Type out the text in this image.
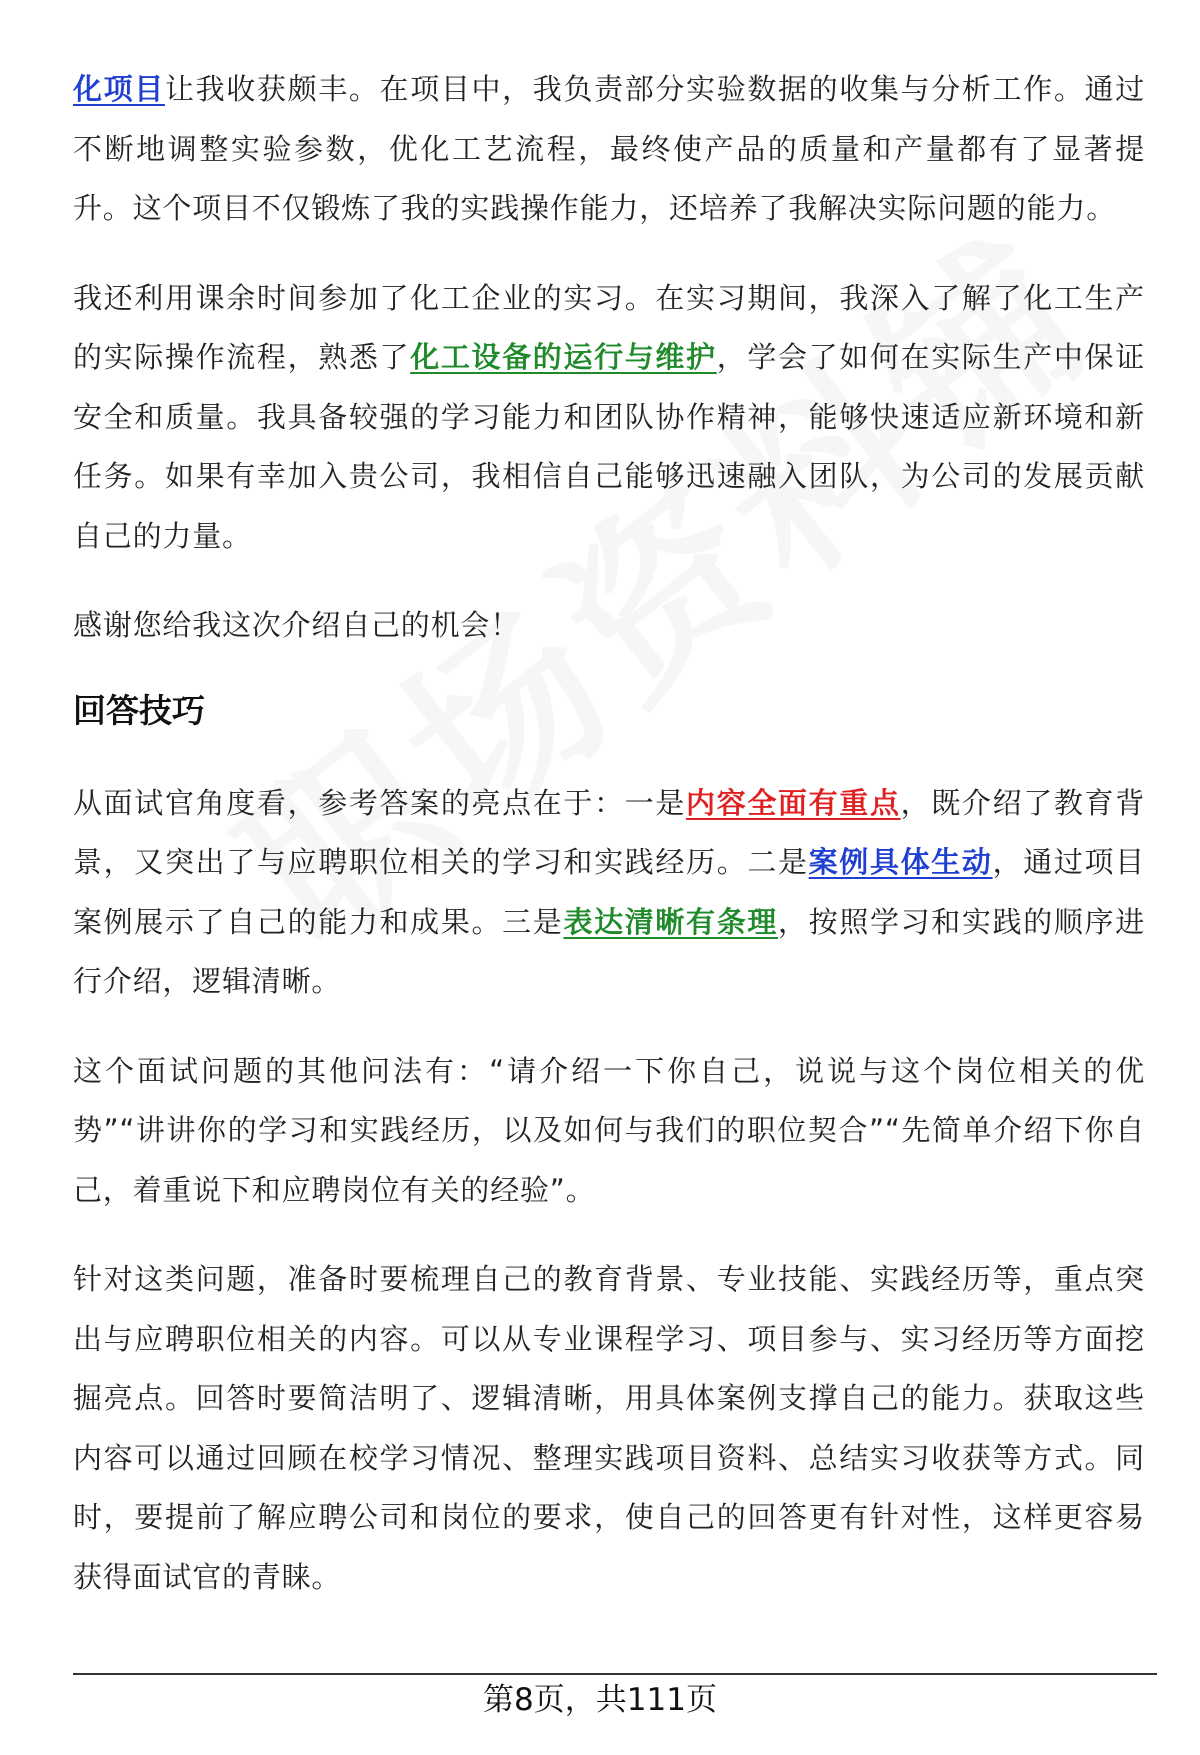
化项目让我收获颇丰。在项目中，我负责部分实验数据的收集与分析工作。通过不断地调整实验参数，优化工艺流程，最终使产品的质量和产量都有了显著提升。这个项目不仅锻炼了我的实践操作能力，还培养了我解决实际问题的能力。

我还利用课余时间参加了化工企业的实习。在实习期间，我深入了解了化工生产的实际操作流程，熟悉了化工设备的运行与维护，学会了如何在实际生产中保证安全和质量。我具备较强的学习能力和团队协作精神，能够快速适应新环境和新任务。如果有幸加入贵公司，我相信自己能够迅速融入团队，为公司的发展贡献自己的力量。

感谢您给我这次介绍自己的机会！

回答技巧

从面试官角度看，参考答案的亮点在于：一是内容全面有重点，既介绍了教育背景，又突出了与应聘职位相关的学习和实践经历。二是案例具体生动，通过项目案例展示了自己的能力和成果。三是表达清晰有条理，按照学习和实践的顺序进行介绍，逻辑清晰。

这个面试问题的其他问法有：“请介绍一下你自己，说说与这个岗位相关的优势”“讲讲你的学习和实践经历，以及如何与我们的职位契合”“先简单介绍下你自己，着重说下和应聘岗位有关的经验”。

针对这类问题，准备时要梳理自己的教育背景、专业技能、实践经历等，重点突出与应聘职位相关的内容。可以从专业课程学习、项目参与、实习经历等方面挖掘亮点。回答时要简洁明了、逻辑清晰，用具体案例支撑自己的能力。获取这些内容可以通过回顾在校学习情况、整理实践项目资料、总结实习收获等方式。同时，要提前了解应聘公司和岗位的要求，使自己的回答更有针对性，这样更容易获得面试官的青睐。

第8页，共111页
